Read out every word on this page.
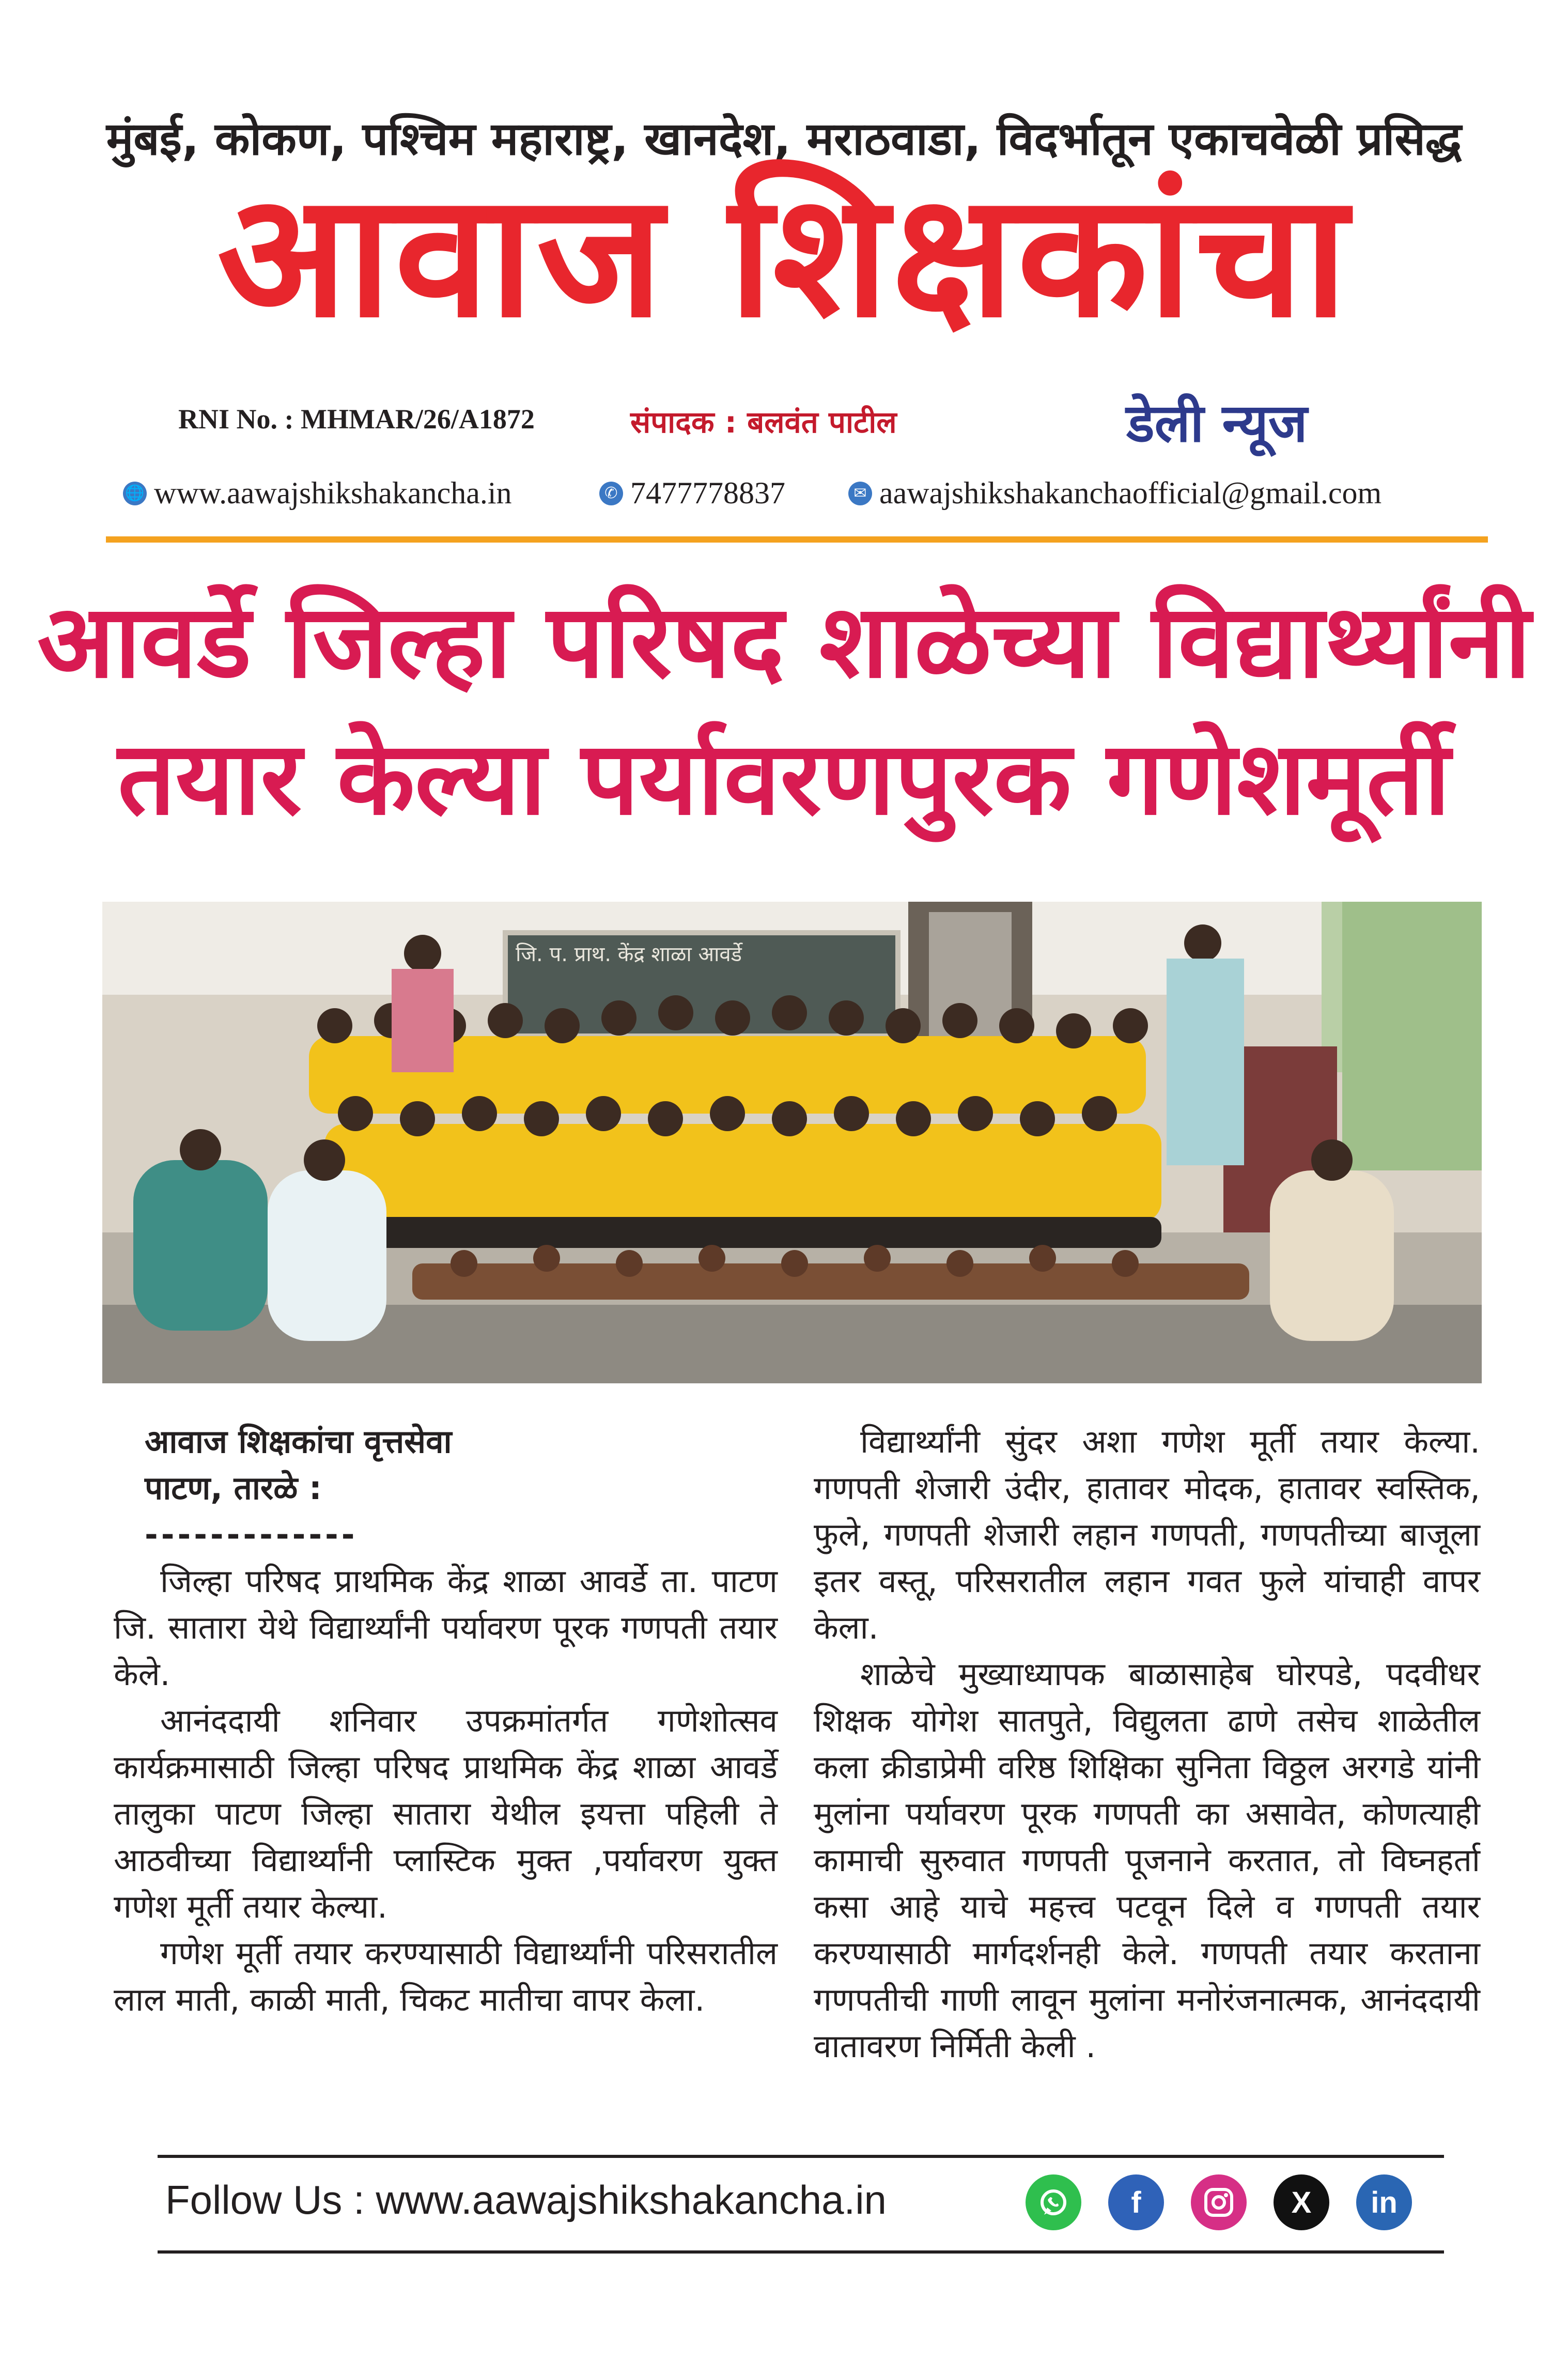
मुंबई, कोकण, पश्चिम महाराष्ट्र, खानदेश, मराठवाडा, विदर्भातून एकाचवेळी प्रसिद्ध
आवाज शिक्षकांचा
RNI No. : MHMAR/26/A1872	संपादक : बलवंत पाटील	डेली न्यूज
🌐 www.aawajshikshakancha.in	✆ 7477778837	✉ aawajshikshakanchaofficial@gmail.com
आवर्डे जिल्हा परिषद शाळेच्या विद्यार्थ्यांनी
तयार केल्या पर्यावरणपुरक गणेशमूर्ती
जि. प. प्राथ. केंद्र शाळा आवर्डे
आवाज शिक्षकांचा वृत्तसेवा
पाटण, तारळे :
-------------

जिल्हा परिषद प्राथमिक केंद्र शाळा आवर्डे ता. पाटण जि. सातारा येथे विद्यार्थ्यांनी पर्यावरण पूरक गणपती तयार केले.

आनंददायी शनिवार उपक्रमांतर्गत गणेशोत्सव कार्यक्रमासाठी जिल्हा परिषद प्राथमिक केंद्र शाळा आवर्डे तालुका पाटण जिल्हा सातारा येथील इयत्ता पहिली ते आठवीच्या विद्यार्थ्यांनी प्लास्टिक मुक्त ,पर्यावरण युक्त गणेश मूर्ती तयार केल्या.

गणेश मूर्ती तयार करण्यासाठी विद्यार्थ्यांनी परिसरातील लाल माती, काळी माती, चिकट मातीचा वापर केला.

विद्यार्थ्यांनी सुंदर अशा गणेश मूर्ती तयार केल्या. गणपती शेजारी उंदीर, हातावर मोदक, हातावर स्वस्तिक, फुले, गणपती शेजारी लहान गणपती, गणपतीच्या बाजूला इतर वस्तू, परिसरातील लहान गवत फुले यांचाही वापर केला.

शाळेचे मुख्याध्यापक बाळासाहेब घोरपडे, पदवीधर शिक्षक योगेश सातपुते, विद्युलता ढाणे तसेच शाळेतील कला क्रीडाप्रेमी वरिष्ठ शिक्षिका सुनिता विठ्ठल अरगडे यांनी मुलांना पर्यावरण पूरक गणपती का असावेत, कोणत्याही कामाची सुरुवात गणपती पूजनाने करतात, तो विघ्नहर्ता कसा आहे याचे महत्त्व पटवून दिले व गणपती तयार करण्यासाठी मार्गदर्शनही केले. गणपती तयार करताना गणपतीची गाणी लावून मुलांना मनोरंजनात्मक, आनंददायी वातावरण निर्मिती केली .

Follow Us : www.aawajshikshakancha.in	f	X	in
